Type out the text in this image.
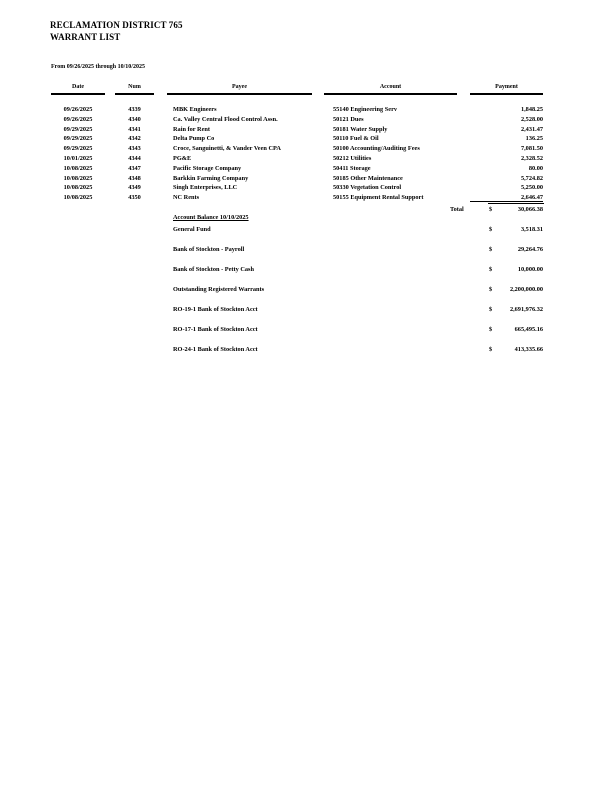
RECLAMATION DISTRICT 765
WARRANT LIST
From 09/26/2025 through 10/10/2025
Date	Num	Payee	Account	Payment
09/26/2025	4339	MBK Engineers	55140 Engineering Serv	1,848.25
09/26/2025	4340	Ca. Valley Central Flood Control Assn.	50121 Dues	2,528.00
09/29/2025	4341	Rain for Rent	50181 Water Supply	2,431.47
09/29/2025	4342	Delta Pump Co	50110 Fuel & Oil	136.25
09/29/2025	4343	Croce, Sanguinetti, & Vander Veen CPA	50100 Accounting/Auditing Fees	7,081.50
10/01/2025	4344	PG&E	50212 Utilities	2,328.52
10/08/2025	4347	Pacific Storage Company	50411 Storage	80.00
10/08/2025	4348	Barkkin Farming Company	50185 Other Maintenance	5,724.82
10/08/2025	4349	Singh Enterprises, LLC	50330 Vegetation Control	5,250.00
10/08/2025	4350	NC Rents	50155 Equipment Rental Support	2,646.47
Total	$	30,066.38
Account Balance 10/10/2025
General Fund	$	3,518.31
Bank of Stockton - Payroll	$	29,264.76
Bank of Stockton - Petty Cash	$	10,000.00
Outstanding Registered Warrants	$	2,200,000.00
RO-19-1 Bank of Stockton Acct	$	2,691,976.32
RO-17-1 Bank of Stockton Acct	$	665,495.16
RO-24-1 Bank of Stockton Acct	$	413,335.66
